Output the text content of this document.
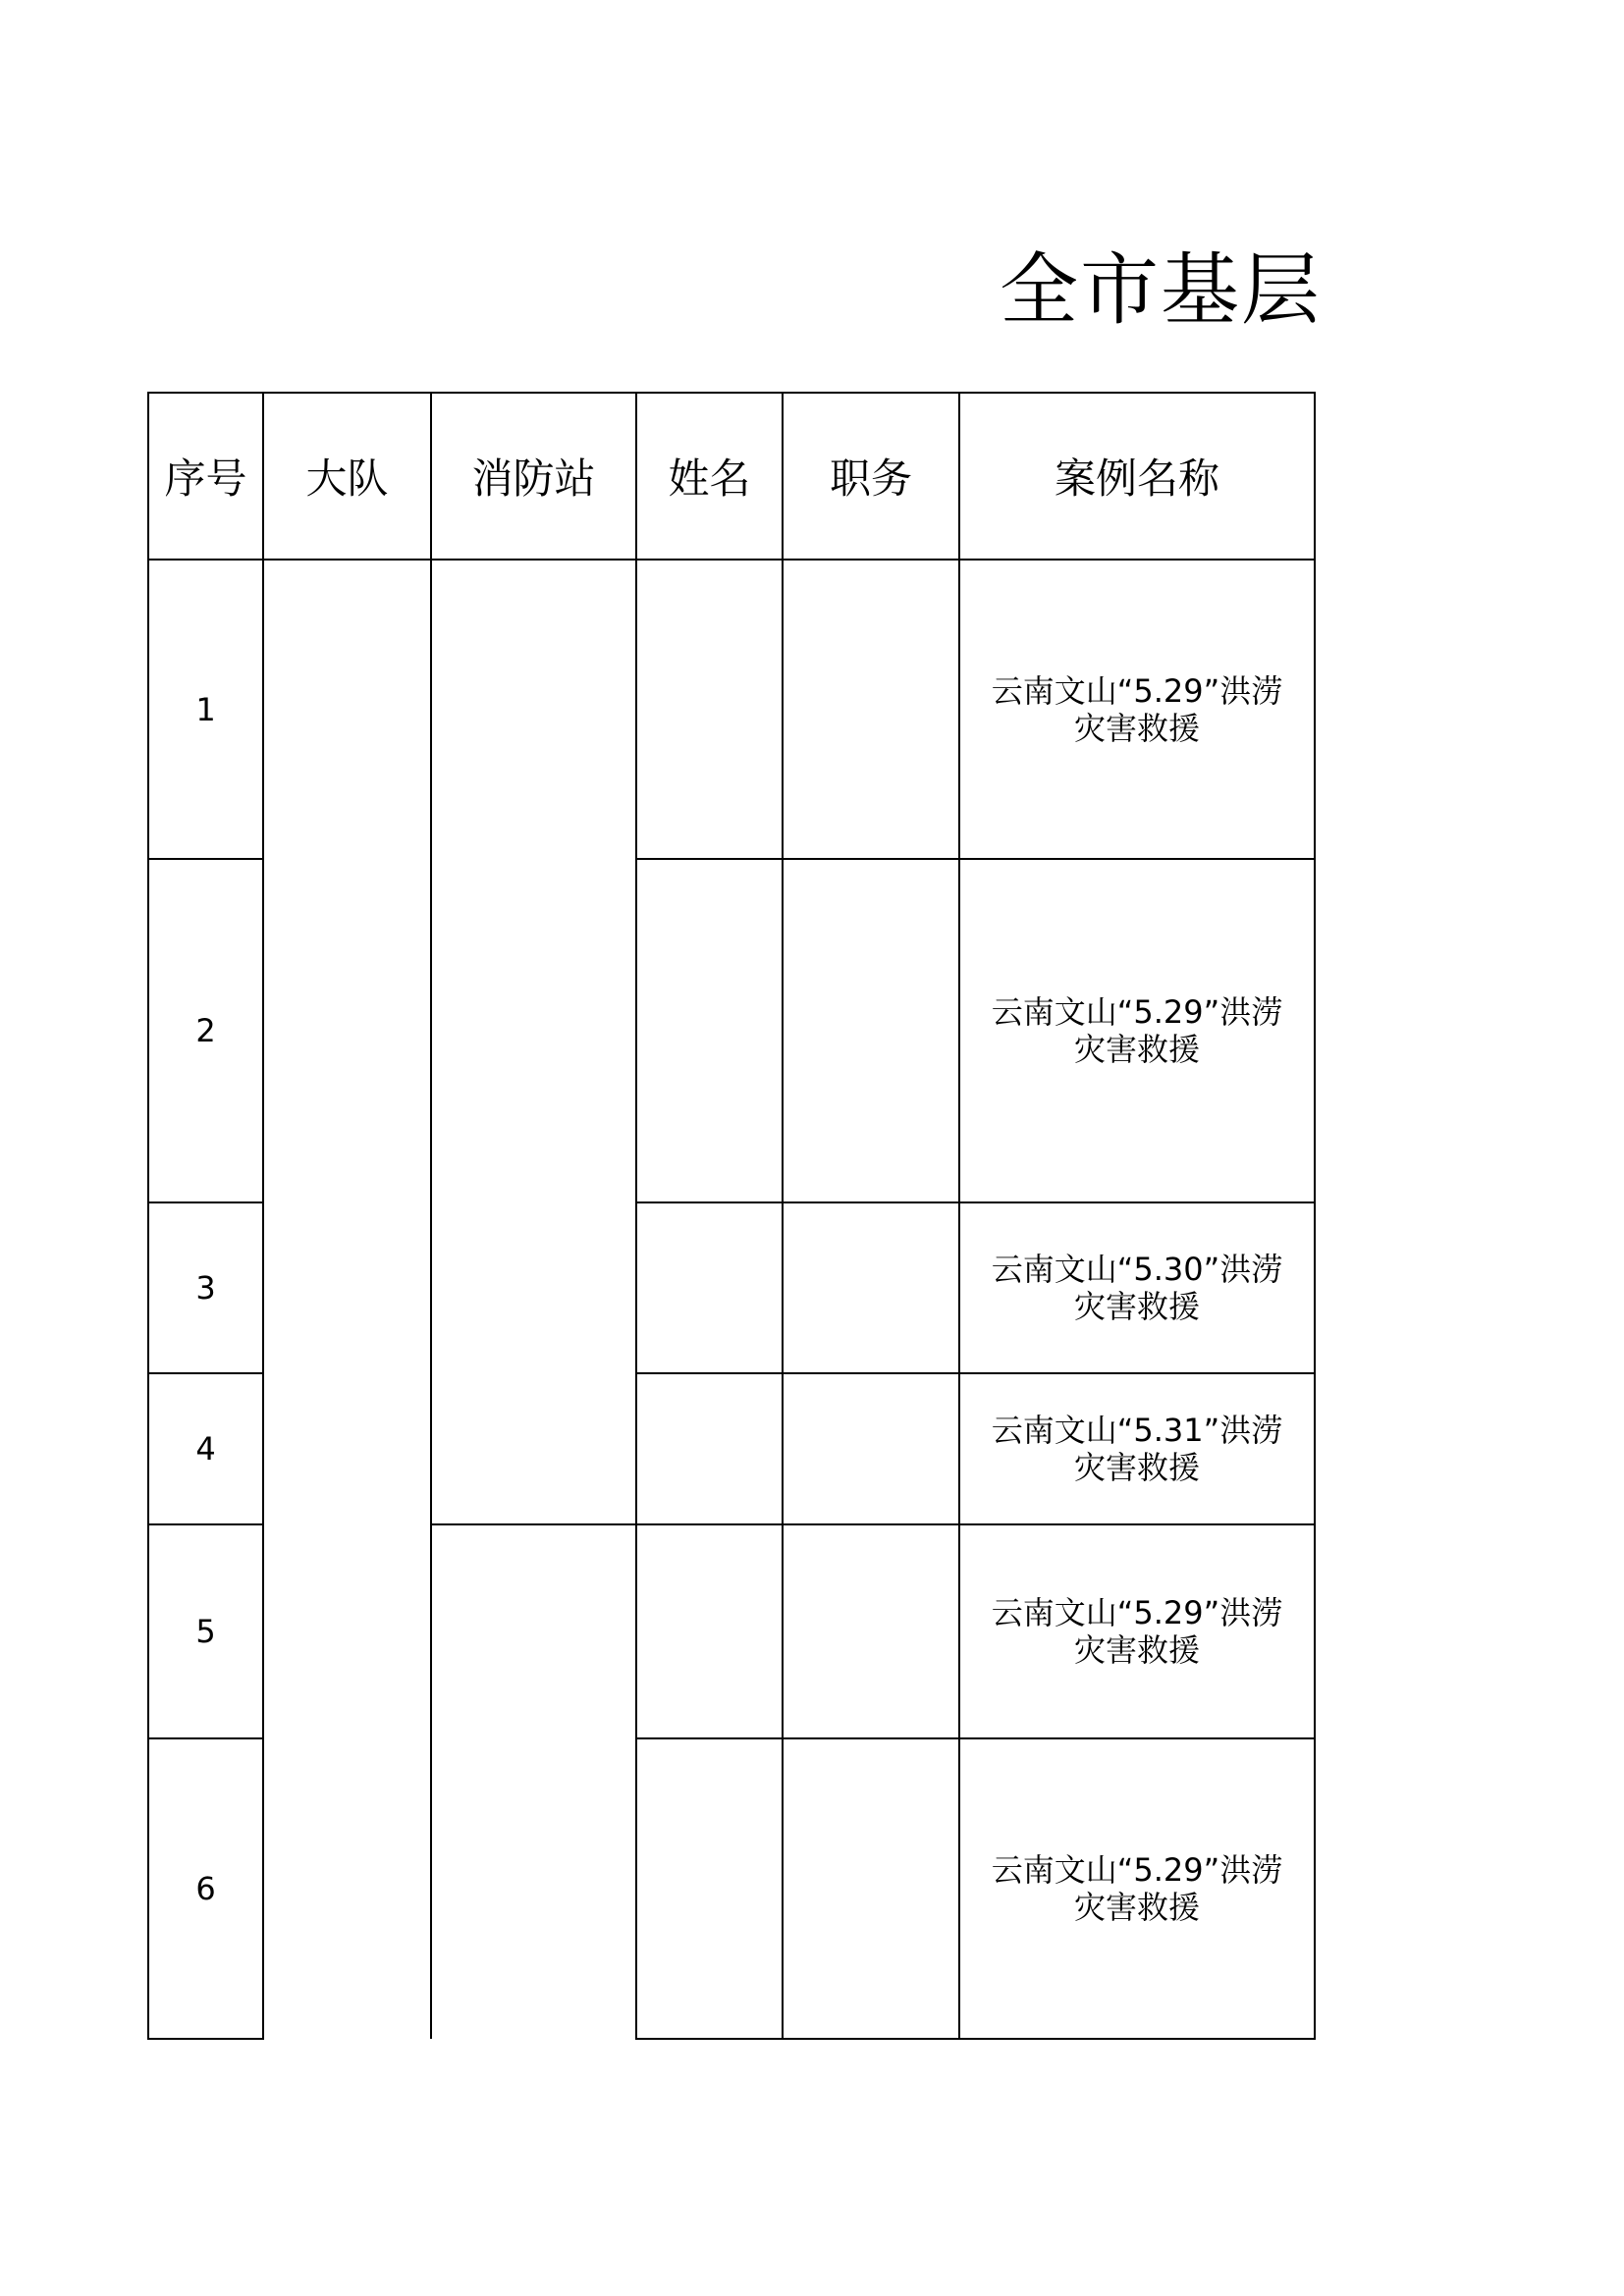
全市基层
序号	大队	消防站	姓名	职务	案例名称
1					云南文山“5.29”洪涝
灾害救援

2					云南文山“5.29”洪涝
灾害救援

3					云南文山“5.30”洪涝
灾害救援

4					云南文山“5.31”洪涝
灾害救援

5					云南文山“5.29”洪涝
灾害救援

6					云南文山“5.29”洪涝
灾害救援
